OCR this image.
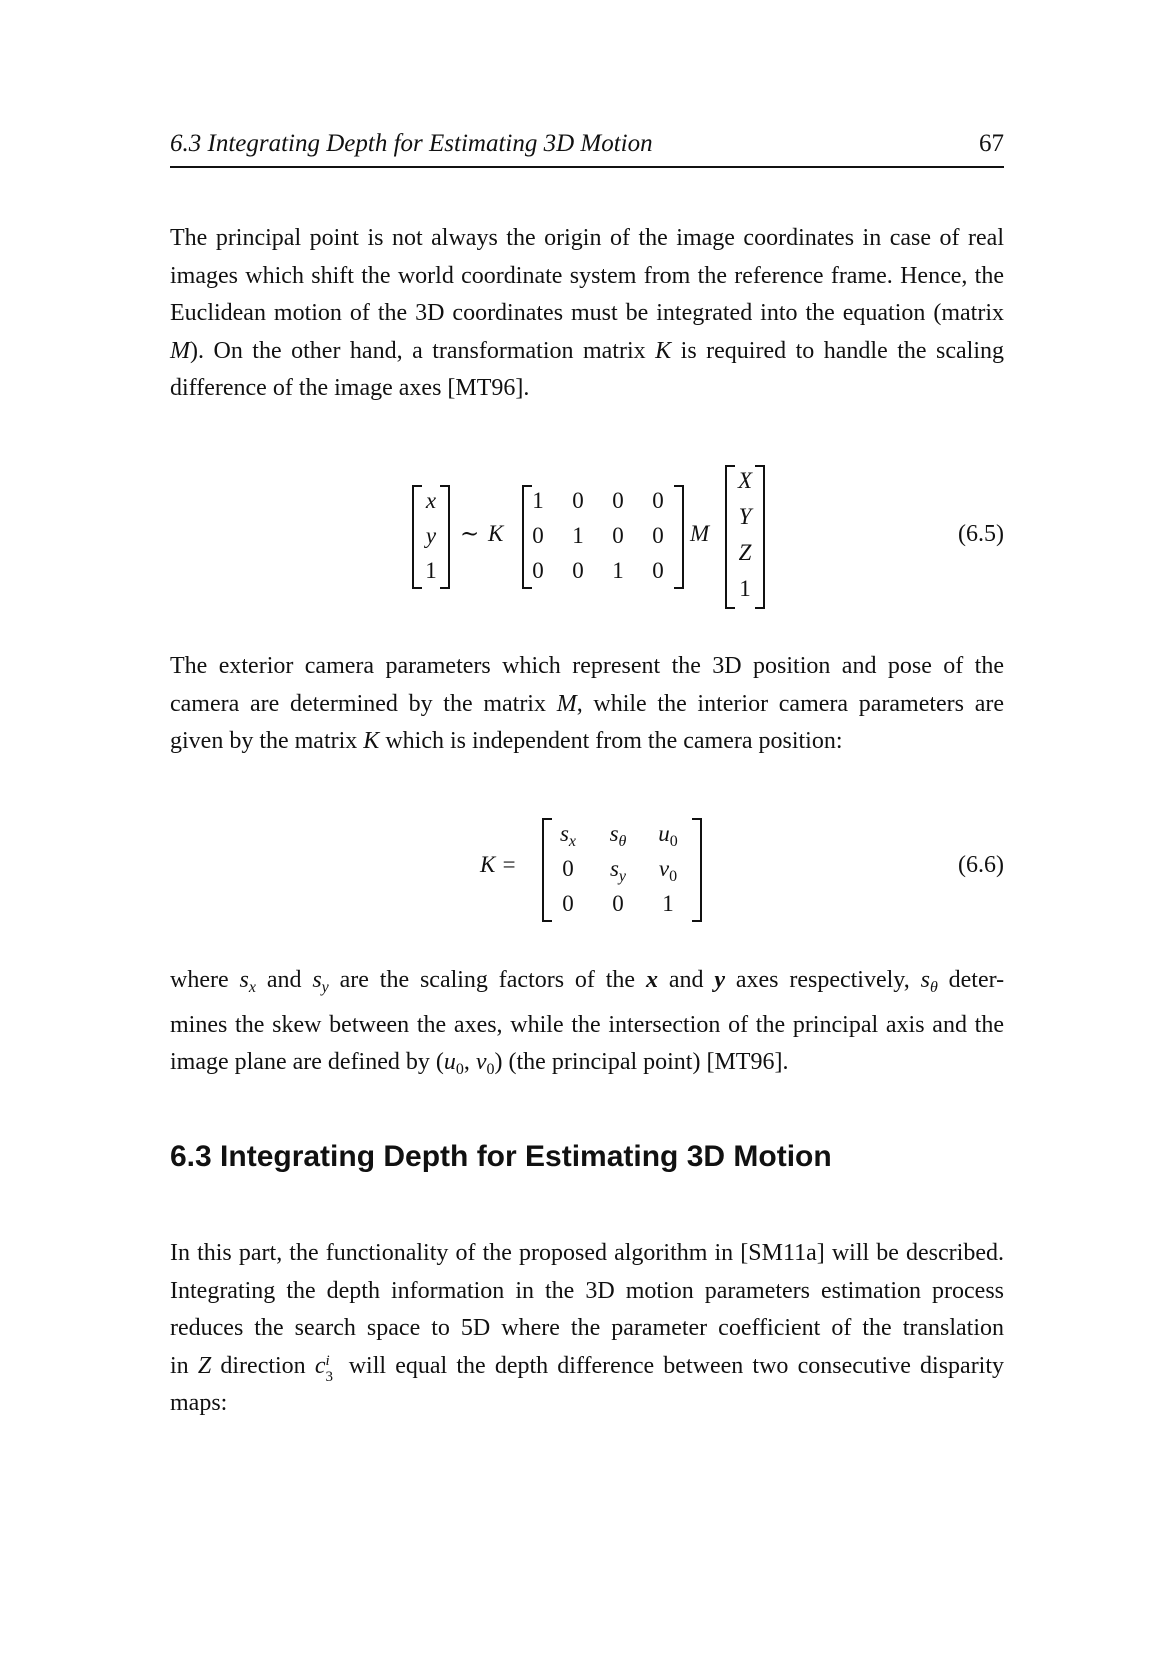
6.3 Integrating Depth for Estimating 3D Motion	67
The principal point is not always the origin of the image coordinates in case of real
images which shift the world coordinate system from the reference frame. Hence, the
Euclidean motion of the 3D coordinates must be integrated into the equation (matrix
M). On the other hand, a transformation matrix K is required to handle the scaling
difference of the image axes [MT96].
x
y
1
∼ K
1	0	0	0
0	1	0	0
0	0	1	0
M
X
Y
Z
1
(6.5)
The exterior camera parameters which represent the 3D position and pose of the
camera are determined by the matrix M, while the interior camera parameters are
given by the matrix K which is independent from the camera position:
K =
$s_x$	$s_\theta$	$u_0$
0	$s_y$	$v_0$
0	0	1
(6.6)
where $s_x$ and $s_y$ are the scaling factors of the x and y axes respectively, $s_\theta$ deter-
mines the skew between the axes, while the intersection of the principal axis and the
image plane are defined by ($u_0$, $v_0$) (the principal point) [MT96].
6.3 Integrating Depth for Estimating 3D Motion
In this part, the functionality of the proposed algorithm in [SM11a] will be described.
Integrating the depth information in the 3D motion parameters estimation process
reduces the search space to 5D where the parameter coefficient of the translation
in Z direction c i
3 will equal the depth difference between two consecutive disparity
maps:
